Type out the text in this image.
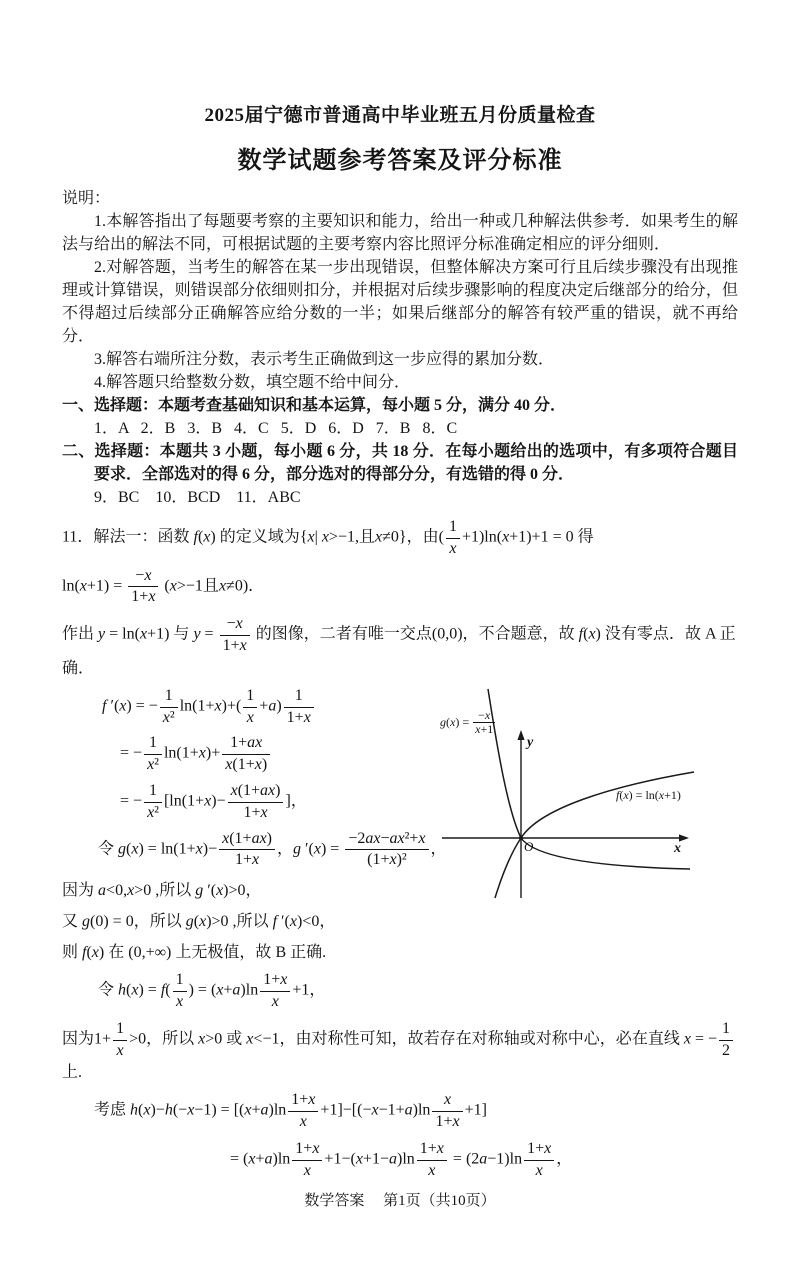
2025届宁德市普通高中毕业班五月份质量检查
数学试题参考答案及评分标准

说明：

1.本解答指出了每题要考察的主要知识和能力，给出一种或几种解法供参考．如果考生的解法与给出的解法不同，可根据试题的主要考察内容比照评分标准确定相应的评分细则．

2.对解答题，当考生的解答在某一步出现错误，但整体解决方案可行且后续步骤没有出现推理或计算错误，则错误部分依细则扣分，并根据对后续步骤影响的程度决定后继部分的给分，但不得超过后续部分正确解答应给分数的一半；如果后继部分的解答有较严重的错误，就不再给分．

3.解答右端所注分数，表示考生正确做到这一步应得的累加分数．

4.解答题只给整数分数，填空题不给中间分．

一、选择题：本题考查基础知识和基本运算，每小题 5 分，满分 40 分．

1．A   2．B   3．B   4．C   5．D   6．D   7．B   8．C

二、选择题：本题共 3 小题，每小题 6 分，共 18 分．在每小题给出的选项中，有多项符合题目要求．全部选对的得 6 分，部分选对的得部分分，有选错的得 0 分．

9．BC    10．BCD    11．ABC

11．解法一：函数 f(x) 的定义域为{x| x>−1,且x≠0}，由( $\frac{1}{x} +1)\ln(x+1)+1 = 0$ 得

$\ln(x+1) = \frac{-x}{1+x} (x>-1$且x≠0)．

作出 y = ln(x+1) 与 $y = \frac{-x}{1+x}$ 的图像，二者有唯一交点(0,0)，不合题意，故 f(x) 没有零点．故 A 正确．

f ′(x) = − $\frac{1}{\text{x²}} \ln(1+x)+( \frac{1}{x} +a) \frac{1}{1+x}$

= − $\frac{1}{\text{x²}} \ln(1+x)+ \frac{1+ax}{x(1+x)}$

= − $\frac{1}{\text{x²}} [\ln(1+x)- \frac{x(1+ax)}{1+x}$ ]，

令 $g(x) = \ln(1+x)- \frac{x(1+ax)}{1+x}$ ，g $'(x) = \frac{\text{−2ax−ax²+x}}{\text{(1+x)²}}$ ，

因为 a<0,x>0 ,所以 g ′(x)>0，

又 g(0) = 0，所以 g(x)>0 ,所以 f ′(x)<0，

则 f(x) 在 (0,+∞) 上无极值，故 B 正确.

$g(x) = \frac{-x}{x+1}$
f(x) = ln(x+1)
y
x
O

令 $h(x) = f( \frac{1}{x}$ ) = $(x+a)\ln \frac{1+x}{x} +1$，

因为$1+ \frac{1}{x} >0$，所以 x>0 或 x<−1，由对称性可知，故若存在对称轴或对称中心，必在直线 x = − $\frac{1}{2}$
上.

考虑 $h(x)-h(-x-1) = [(x+a)\ln \frac{1+x}{x} +1]-[(-x-1+a)\ln \frac{x}{1+x} +1]$

= $(x+a)\ln \frac{1+x}{x} +1-(x+1-a)\ln \frac{1+x}{x} = (2a-1)\ln \frac{1+x}{x}$ ，

数学答案　 第1页（共10页）
